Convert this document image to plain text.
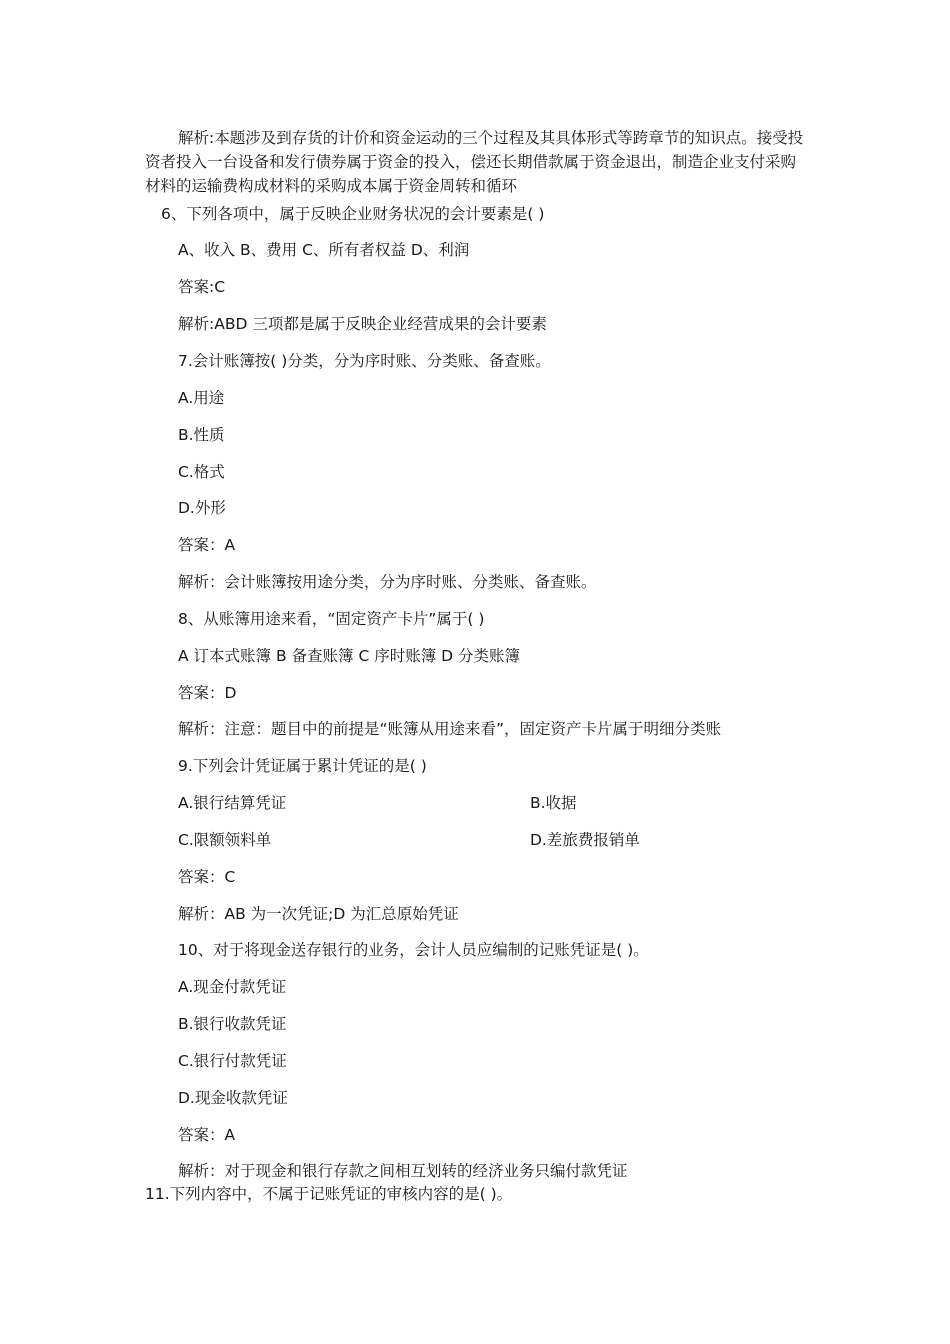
解析:本题涉及到存货的计价和资金运动的三个过程及其具体形式等跨章节的知识点。接受投资者投入一台设备和发行债券属于资金的投入，偿还长期借款属于资金退出，制造企业支付采购材料的运输费构成材料的采购成本属于资金周转和循环
6、下列各项中，属于反映企业财务状况的会计要素是( )
A、收入 B、费用 C、所有者权益 D、利润
答案:C
解析:ABD 三项都是属于反映企业经营成果的会计要素
7.会计账簿按( )分类，分为序时账、分类账、备查账。
A.用途
B.性质
C.格式
D.外形
答案：A
解析：会计账簿按用途分类，分为序时账、分类账、备查账。
8、从账簿用途来看，“固定资产卡片”属于( )
A 订本式账簿 B 备查账簿 C 序时账簿 D 分类账簿
答案：D
解析：注意：题目中的前提是“账簿从用途来看”，固定资产卡片属于明细分类账
9.下列会计凭证属于累计凭证的是( )
A.银行结算凭证	B.收据
C.限额领料单	D.差旅费报销单
答案：C
解析：AB 为一次凭证;D 为汇总原始凭证
10、对于将现金送存银行的业务，会计人员应编制的记账凭证是( )。
A.现金付款凭证
B.银行收款凭证
C.银行付款凭证
D.现金收款凭证
答案：A
解析：对于现金和银行存款之间相互划转的经济业务只编付款凭证
11.下列内容中，不属于记账凭证的审核内容的是( )。
